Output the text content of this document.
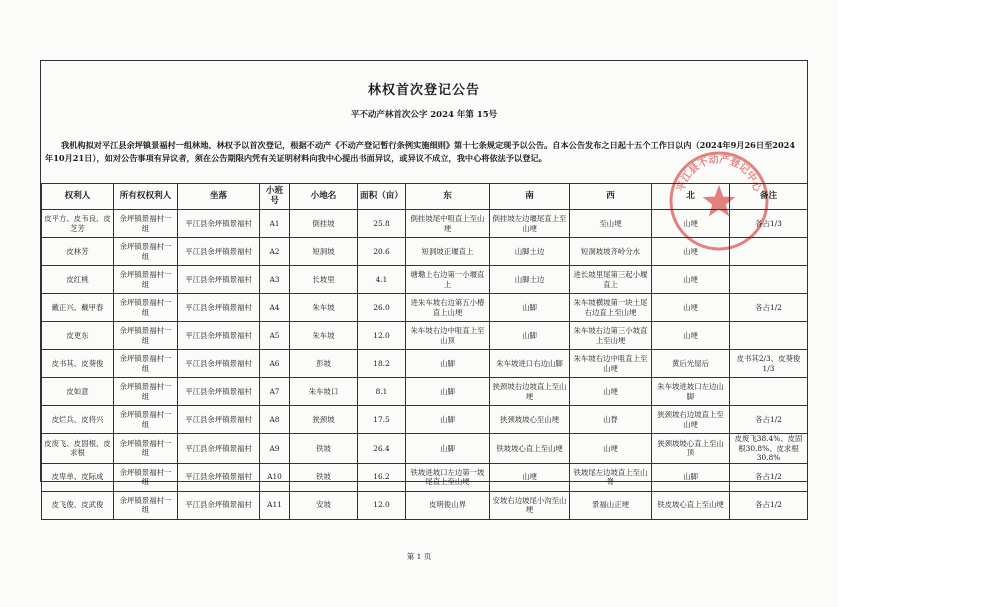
林权首次登记公告
平不动产林首次公字 2024 年第 15号
我机构拟对平江县余坪镇景福村一组林地、林权予以首次登记，根据不动产《不动产登记暂行条例实施细则》第十七条规定现予以公告。自本公告发布之日起十五个工作日以内（2024年9月26日至2024年10月21日），如对公告事项有异议者，须在公告期限内凭有关证明材料向我中心提出书面异议，或异议不成立，我中心将依法予以登记。
平江县不动产登记中心
权利人	所有权权利人	坐落	小班号	小地名	面积（亩）	东	南	西	北	备注
皮平方、皮韦良、皮芝芳	余坪镇景福村一组	平江县余坪镇景福村	A1	倒挂坡	25.8	倒挂坡尾中咀直上至山埂	倒挂坡左边堰尾直上至山埂	至山埂	山埂	各占1/3
皮林芳	余坪镇景福村一组	平江县余坪镇景福村	A2	短洞坡	20.6	短洞坡正堰直上	山脚土边	短洞坡坡齐岭分水	山埂	
皮红桃	余坪镇景福村一组	平江县余坪镇景福村	A3	长坡里	4.1	塘墈上右边第一小堰直上	山脚土边	进长坡里尾第三起小堰直上	山埂	
戴正兴、戴甲春	余坪镇景福村一组	平江县余坪镇景福村	A4	朱车坡	26.0	进朱车坡右边第五小椿直上山埂	山脚	朱车坡横坡第一块土尾右边直上至山埂	山埂	各占1/2
皮更东	余坪镇景福村一组	平江县余坪镇景福村	A5	朱车坡	12.0	朱车坡右边中咀直上至山顶	山脚	朱车坡右边第三小坡直上至山埂	山埂	
皮书其、皮葵俊	余坪镇景福村一组	平江县余坪镇景福村	A6	彭坡	18.2	山脚	朱车坡进口右边山脚	朱车坡右边中咀直上至山埂	黄后光屋后	皮书其2/3、皮葵俊1/3
皮如意	余坪镇景福村一组	平江县余坪镇景福村	A7	朱车坡口	8.1	山脚	狭颈坡右边坡直上至山埂	山埂	朱车坡进坡口左边山脚	
皮烂兵、皮将兴	余坪镇景福村一组	平江县余坪镇景福村	A8	狭颈坡	17.5	山脚	狭颈坡坡心至山埂	山脊	狭颈坡右边坡直上至山埂	各占1/2
皮废飞、皮固根、皮求根	余坪镇景福村一组	平江县余坪镇景福村	A9	铁坡	26.4	山脚	铁坡坡心直上至山埂	山埂	狭颈坡坡心直上至山顶	皮废飞38.4%、皮固根30.8%、皮求根30.8%
皮卑单、皮际成	余坪镇景福村一组	平江县余坪镇景福村	A10	铁坡	16.2	铁坡进坡口左边第一坡尾直上至山埂	山埂	铁坡尾左边坡直上至山脊	山脚	各占1/2
皮飞俊、皮武俊	余坪镇景福村一组	平江县余坪镇景福村	A11	安坡	12.0	皮明俊山界	安坡右边坡尾小沟至山埂	景福山正埂	铁皮坡心直上至山埂	各占1/2
第 1 页
